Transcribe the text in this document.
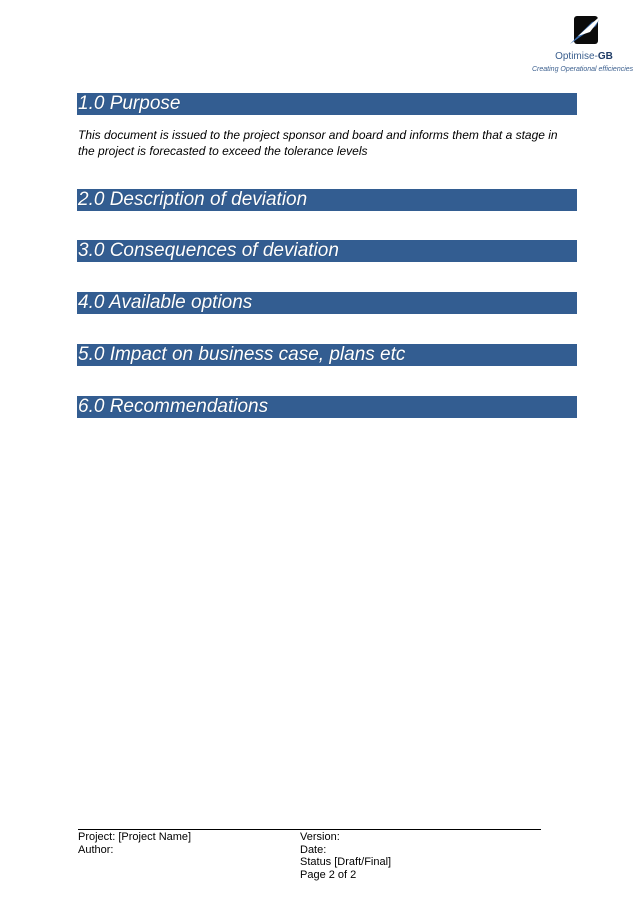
Optimise-GB
Creating Operational efficiencies
1.0 Purpose
This document is issued to the project sponsor and board and informs them that a stage in the project is forecasted to exceed the tolerance levels
2.0 Description of deviation
3.0 Consequences of deviation
4.0 Available options
5.0 Impact on business case, plans etc
6.0 Recommendations
Project: [Project Name]
Author:
Version:
Date:
Status [Draft/Final]
Page 2 of 2
